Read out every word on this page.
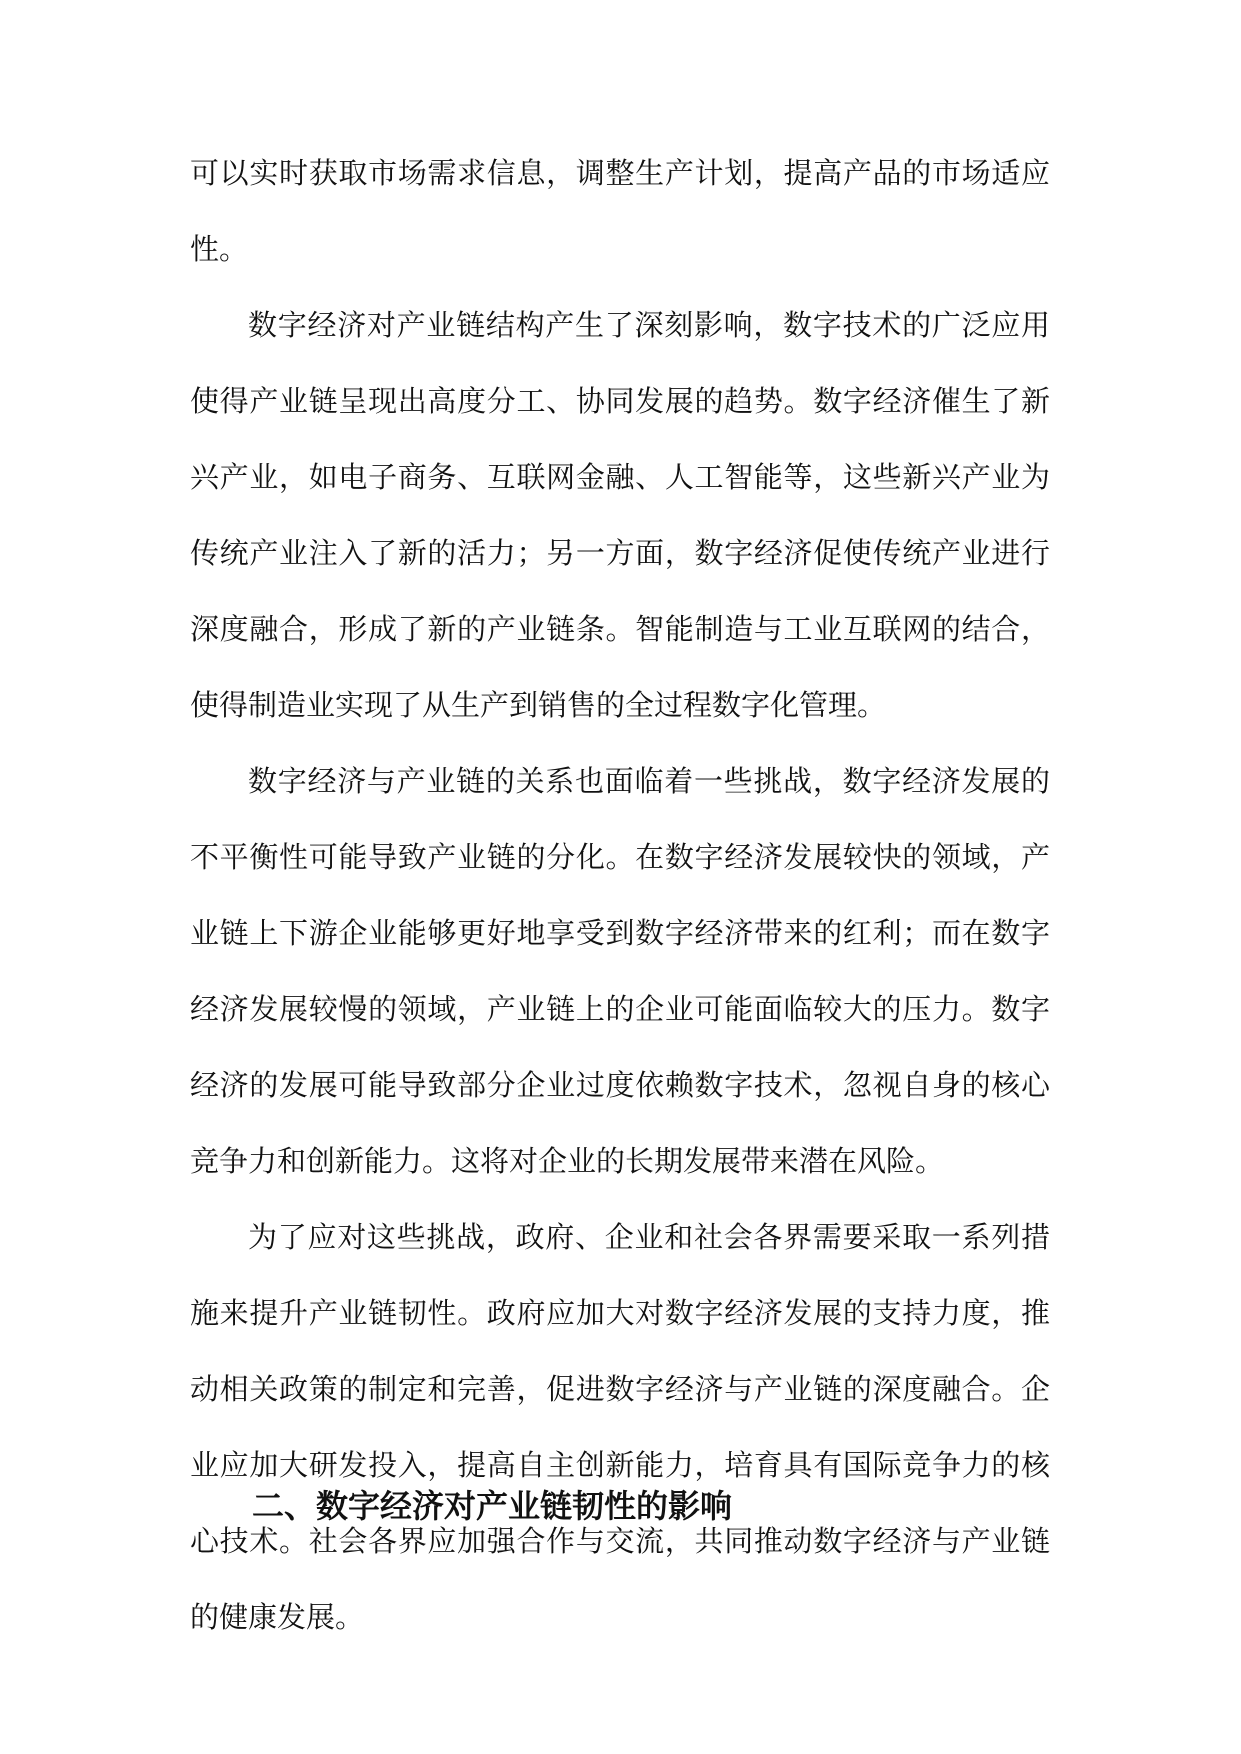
可以实时获取市场需求信息，调整生产计划，提高产品的市场适应性。

数字经济对产业链结构产生了深刻影响，数字技术的广泛应用使得产业链呈现出高度分工、协同发展的趋势。数字经济催生了新兴产业，如电子商务、互联网金融、人工智能等，这些新兴产业为传统产业注入了新的活力；另一方面，数字经济促使传统产业进行深度融合，形成了新的产业链条。智能制造与工业互联网的结合，使得制造业实现了从生产到销售的全过程数字化管理。

数字经济与产业链的关系也面临着一些挑战，数字经济发展的不平衡性可能导致产业链的分化。在数字经济发展较快的领域，产业链上下游企业能够更好地享受到数字经济带来的红利；而在数字经济发展较慢的领域，产业链上的企业可能面临较大的压力。数字经济的发展可能导致部分企业过度依赖数字技术，忽视自身的核心竞争力和创新能力。这将对企业的长期发展带来潜在风险。

为了应对这些挑战，政府、企业和社会各界需要采取一系列措施来提升产业链韧性。政府应加大对数字经济发展的支持力度，推动相关政策的制定和完善，促进数字经济与产业链的深度融合。企业应加大研发投入，提高自主创新能力，培育具有国际竞争力的核心技术。社会各界应加强合作与交流，共同推动数字经济与产业链的健康发展。

二、数字经济对产业链韧性的影响
